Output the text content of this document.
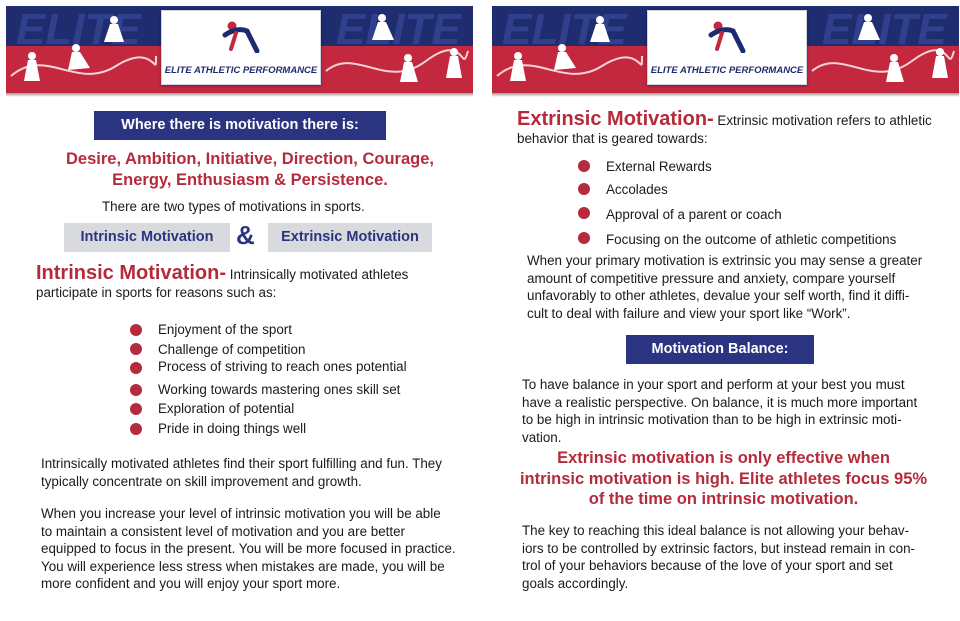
ELITE ATHLETIC PERFORMANCE
Where there is motivation there is:
Desire, Ambition, Initiative, Direction, Courage,
Energy, Enthusiasm & Persistence.
There are two types of motivations in sports.
Intrinsic Motivation &	Extrinsic Motivation
Intrinsic Motivation- Intrinsically motivated athletes
participate in sports for reasons such as:
Enjoyment of the sport
Challenge of competition
Process of striving to reach ones potential
Working towards mastering ones skill set
Exploration of potential
Pride in doing things well
Intrinsically motivated athletes find their sport fulfilling and fun. They
typically concentrate on skill improvement and growth.
When you increase your level of intrinsic motivation you will be able
to maintain a consistent level of motivation and you are better
equipped to focus in the present. You will be more focused in practice.
You will experience less stress when mistakes are made, you will be
more confident and you will enjoy your sport more.
ELITE ATHLETIC PERFORMANCE
Extrinsic Motivation- Extrinsic motivation refers to athletic
behavior that is geared towards:
External Rewards
Accolades
Approval of a parent or coach
Focusing on the outcome of athletic competitions
When your primary motivation is extrinsic you may sense a greater
amount of competitive pressure and anxiety, compare yourself
unfavorably to other athletes, devalue your self worth, find it diffi-
cult to deal with failure and view your sport like “Work”.
Motivation Balance:
To have balance in your sport and perform at your best you must
have a realistic perspective. On balance, it is much more important
to be high in intrinsic motivation than to be high in extrinsic moti-
vation.
Extrinsic motivation is only effective when
intrinsic motivation is high. Elite athletes focus 95%
of the time on intrinsic motivation.
The key to reaching this ideal balance is not allowing your behav-
iors to be controlled by extrinsic factors, but instead remain in con-
trol of your behaviors because of the love of your sport and set
goals accordingly.
